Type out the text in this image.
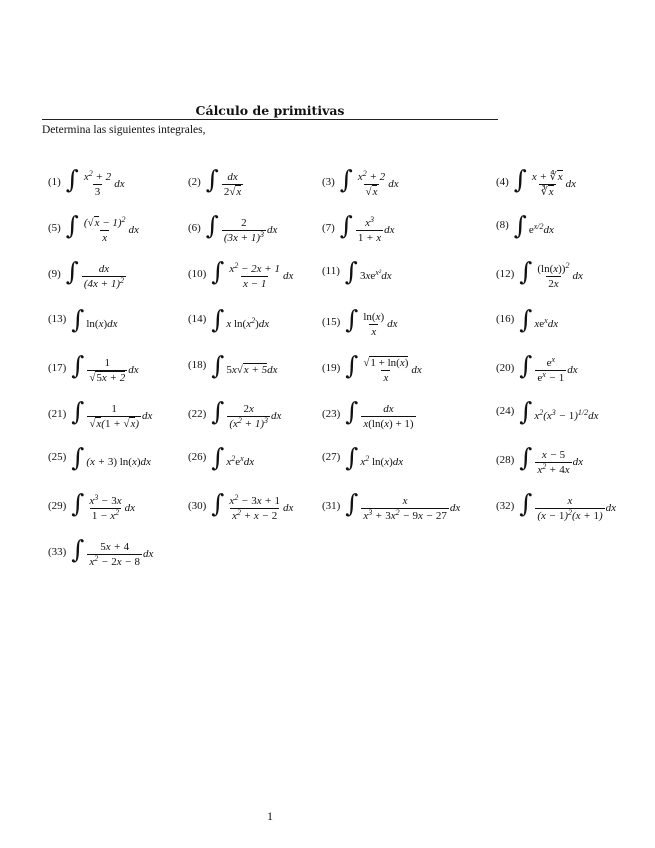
Cálculo de primitivas
Determina las siguientes integrales,
(1) ∫ $\frac{x^2 + 2}{3}$ dx	(2) ∫ $\frac{dx}{2√x}$	(3) ∫ $\frac{x^2 + 2}{√x}$ dx	(4) ∫ $\frac{x + ∜x}{∛x}$ dx
(5) ∫ $\frac{(√x - 1)^2}{x}$ dx	(6) ∫ $\frac{2}{(3x + 1)^3}$ dx	(7) ∫ $\frac{x^3}{1 + x}$ dx	(8) ∫ $e^{x/2}dx$
(9) ∫ $\frac{dx}{(4x + 1)^2}$	(10) ∫ $\frac{x^2 - 2x + 1}{x - 1}$ dx	(11) ∫ $3xe^{x^2}dx$	(12) ∫ $\frac{(\ln(x))^2}{2x}$ dx
(13) ∫ ln(x)dx	(14) ∫ x $\ln(x^2)dx$	(15) ∫ $\frac{\ln(x)}{x}$ dx	(16) ∫ $xe^xdx$
(17) ∫ $\frac{1}{√5x + 2}$ dx	(18) ∫ 5x√x + 5dx	(19) ∫ $\frac{√1 + \ln(x)}{x}$ dx	(20) ∫ $\frac{e^x}{e^x - 1}$ dx
(21) ∫ $\frac{1}{√x(1 + √x)}$ dx	(22) ∫ $\frac{2x}{(x^2 + 1)^3}$ dx	(23) ∫ $\frac{dx}{x(\ln(x) + 1)}$	(24) ∫ $x^2(x^3 - 1)^{1/2}dx$
(25) ∫ (x + 3) ln(x)dx	(26) ∫ $x^2e^xdx$	(27) ∫ $x^2$ ln(x)dx	(28) ∫ $\frac{x - 5}{x^2 + 4x}$ dx
(29) ∫ $\frac{x^3 - 3x}{1 - x^2}$ dx	(30) ∫ $\frac{x^2 - 3x + 1}{x^2 + x - 2}$ dx	(31) ∫ $\frac{x}{x^3 + 3x^2 - 9x - 27}$ dx	(32) ∫ $\frac{x}{(x - 1)^2(x + 1)}$ dx
(33) ∫ $\frac{5x + 4}{x^2 - 2x - 8}$ dx
1
